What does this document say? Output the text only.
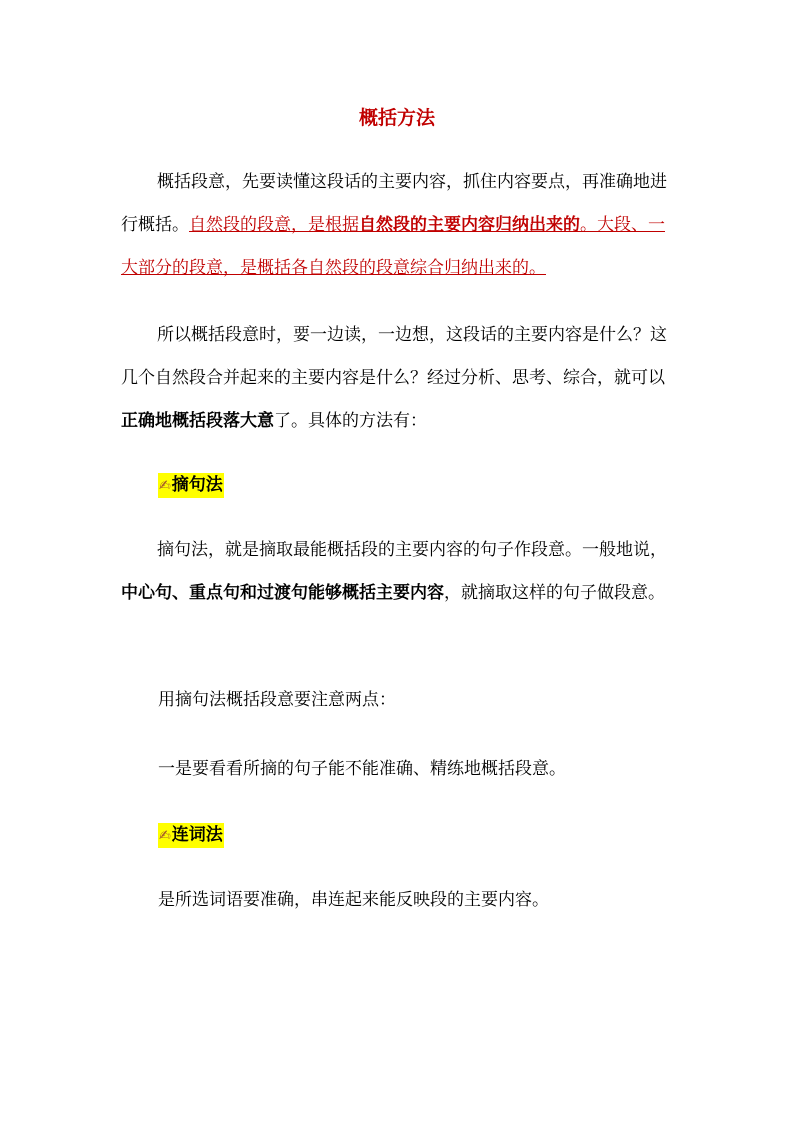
概括方法
概括段意，先要读懂这段话的主要内容，抓住内容要点，再准确地进行概括。自然段的段意，是根据自然段的主要内容归纳出来的。大段、一大部分的段意，是概括各自然段的段意综合归纳出来的。
所以概括段意时，要一边读，一边想，这段话的主要内容是什么？这几个自然段合并起来的主要内容是什么？经过分析、思考、综合，就可以正确地概括段落大意了。具体的方法有：
✍摘句法
摘句法，就是摘取最能概括段的主要内容的句子作段意。一般地说，中心句、重点句和过渡句能够概括主要内容，就摘取这样的句子做段意。
用摘句法概括段意要注意两点：
一是要看看所摘的句子能不能准确、精练地概括段意。
✍连词法
是所选词语要准确，串连起来能反映段的主要内容。
